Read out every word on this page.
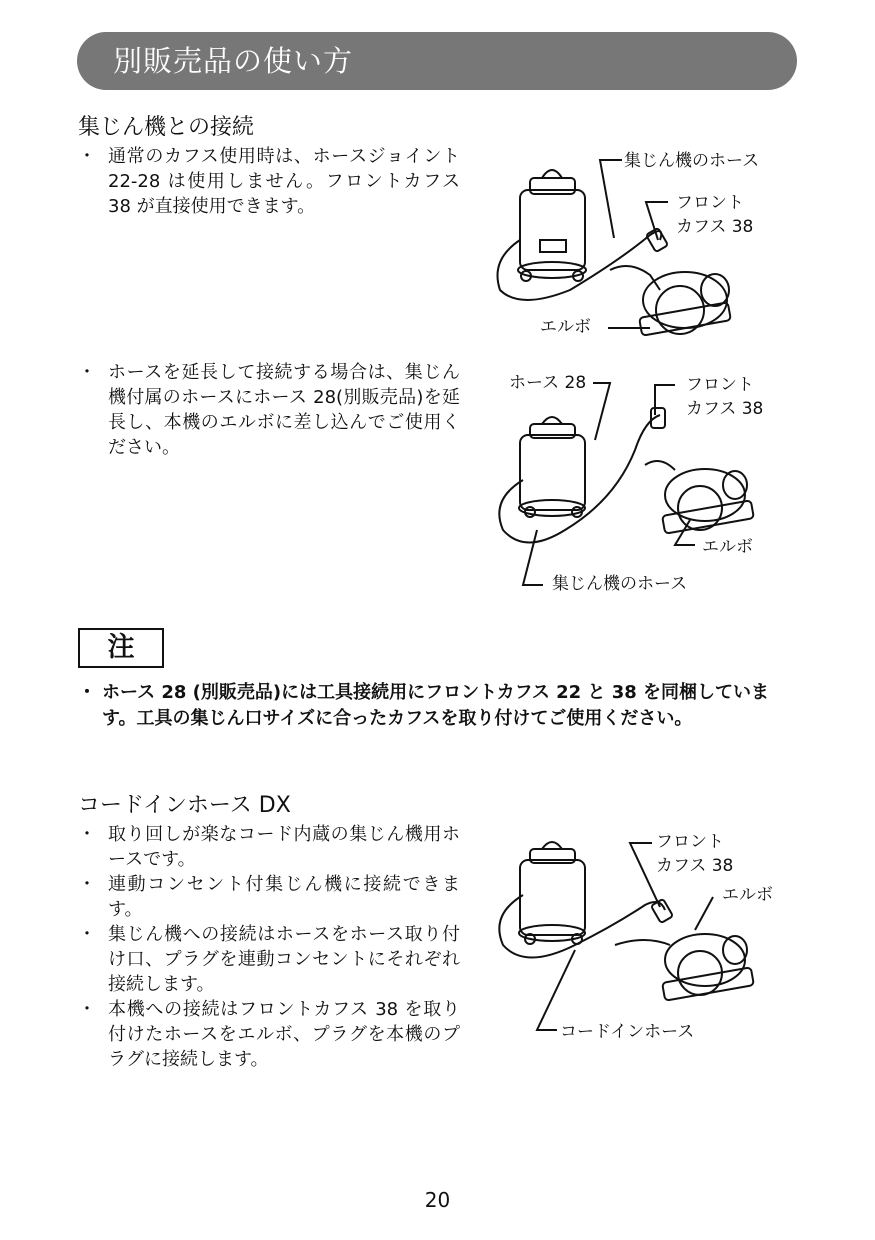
別販売品の使い方
集じん機との接続
・ 通常のカフス使用時は、ホースジョイント 22-28 は使用しません。フロントカフス 38 が直接使用できます。
・ ホースを延長して接続する場合は、集じん機付属のホースにホース 28(別販売品)を延長し、本機のエルボに差し込んでご使用ください。
集じん機のホース
フロント
カフス 38
エルボ
ホース 28	フロント
カフス 38
エルボ
集じん機のホース
注
・ ホース 28 (別販売品)には工具接続用にフロントカフス 22 と 38 を同梱しています。工具の集じん口サイズに合ったカフスを取り付けてご使用ください。
コードインホース DX
・ 取り回しが楽なコード内蔵の集じん機用ホースです。
・ 連動コンセント付集じん機に接続できます。
・ 集じん機への接続はホースをホース取り付け口、プラグを連動コンセントにそれぞれ接続します。
・ 本機への接続はフロントカフス 38 を取り付けたホースをエルボ、プラグを本機のプラグに接続します。
フロント
カフス 38
エルボ
コードインホース
20
